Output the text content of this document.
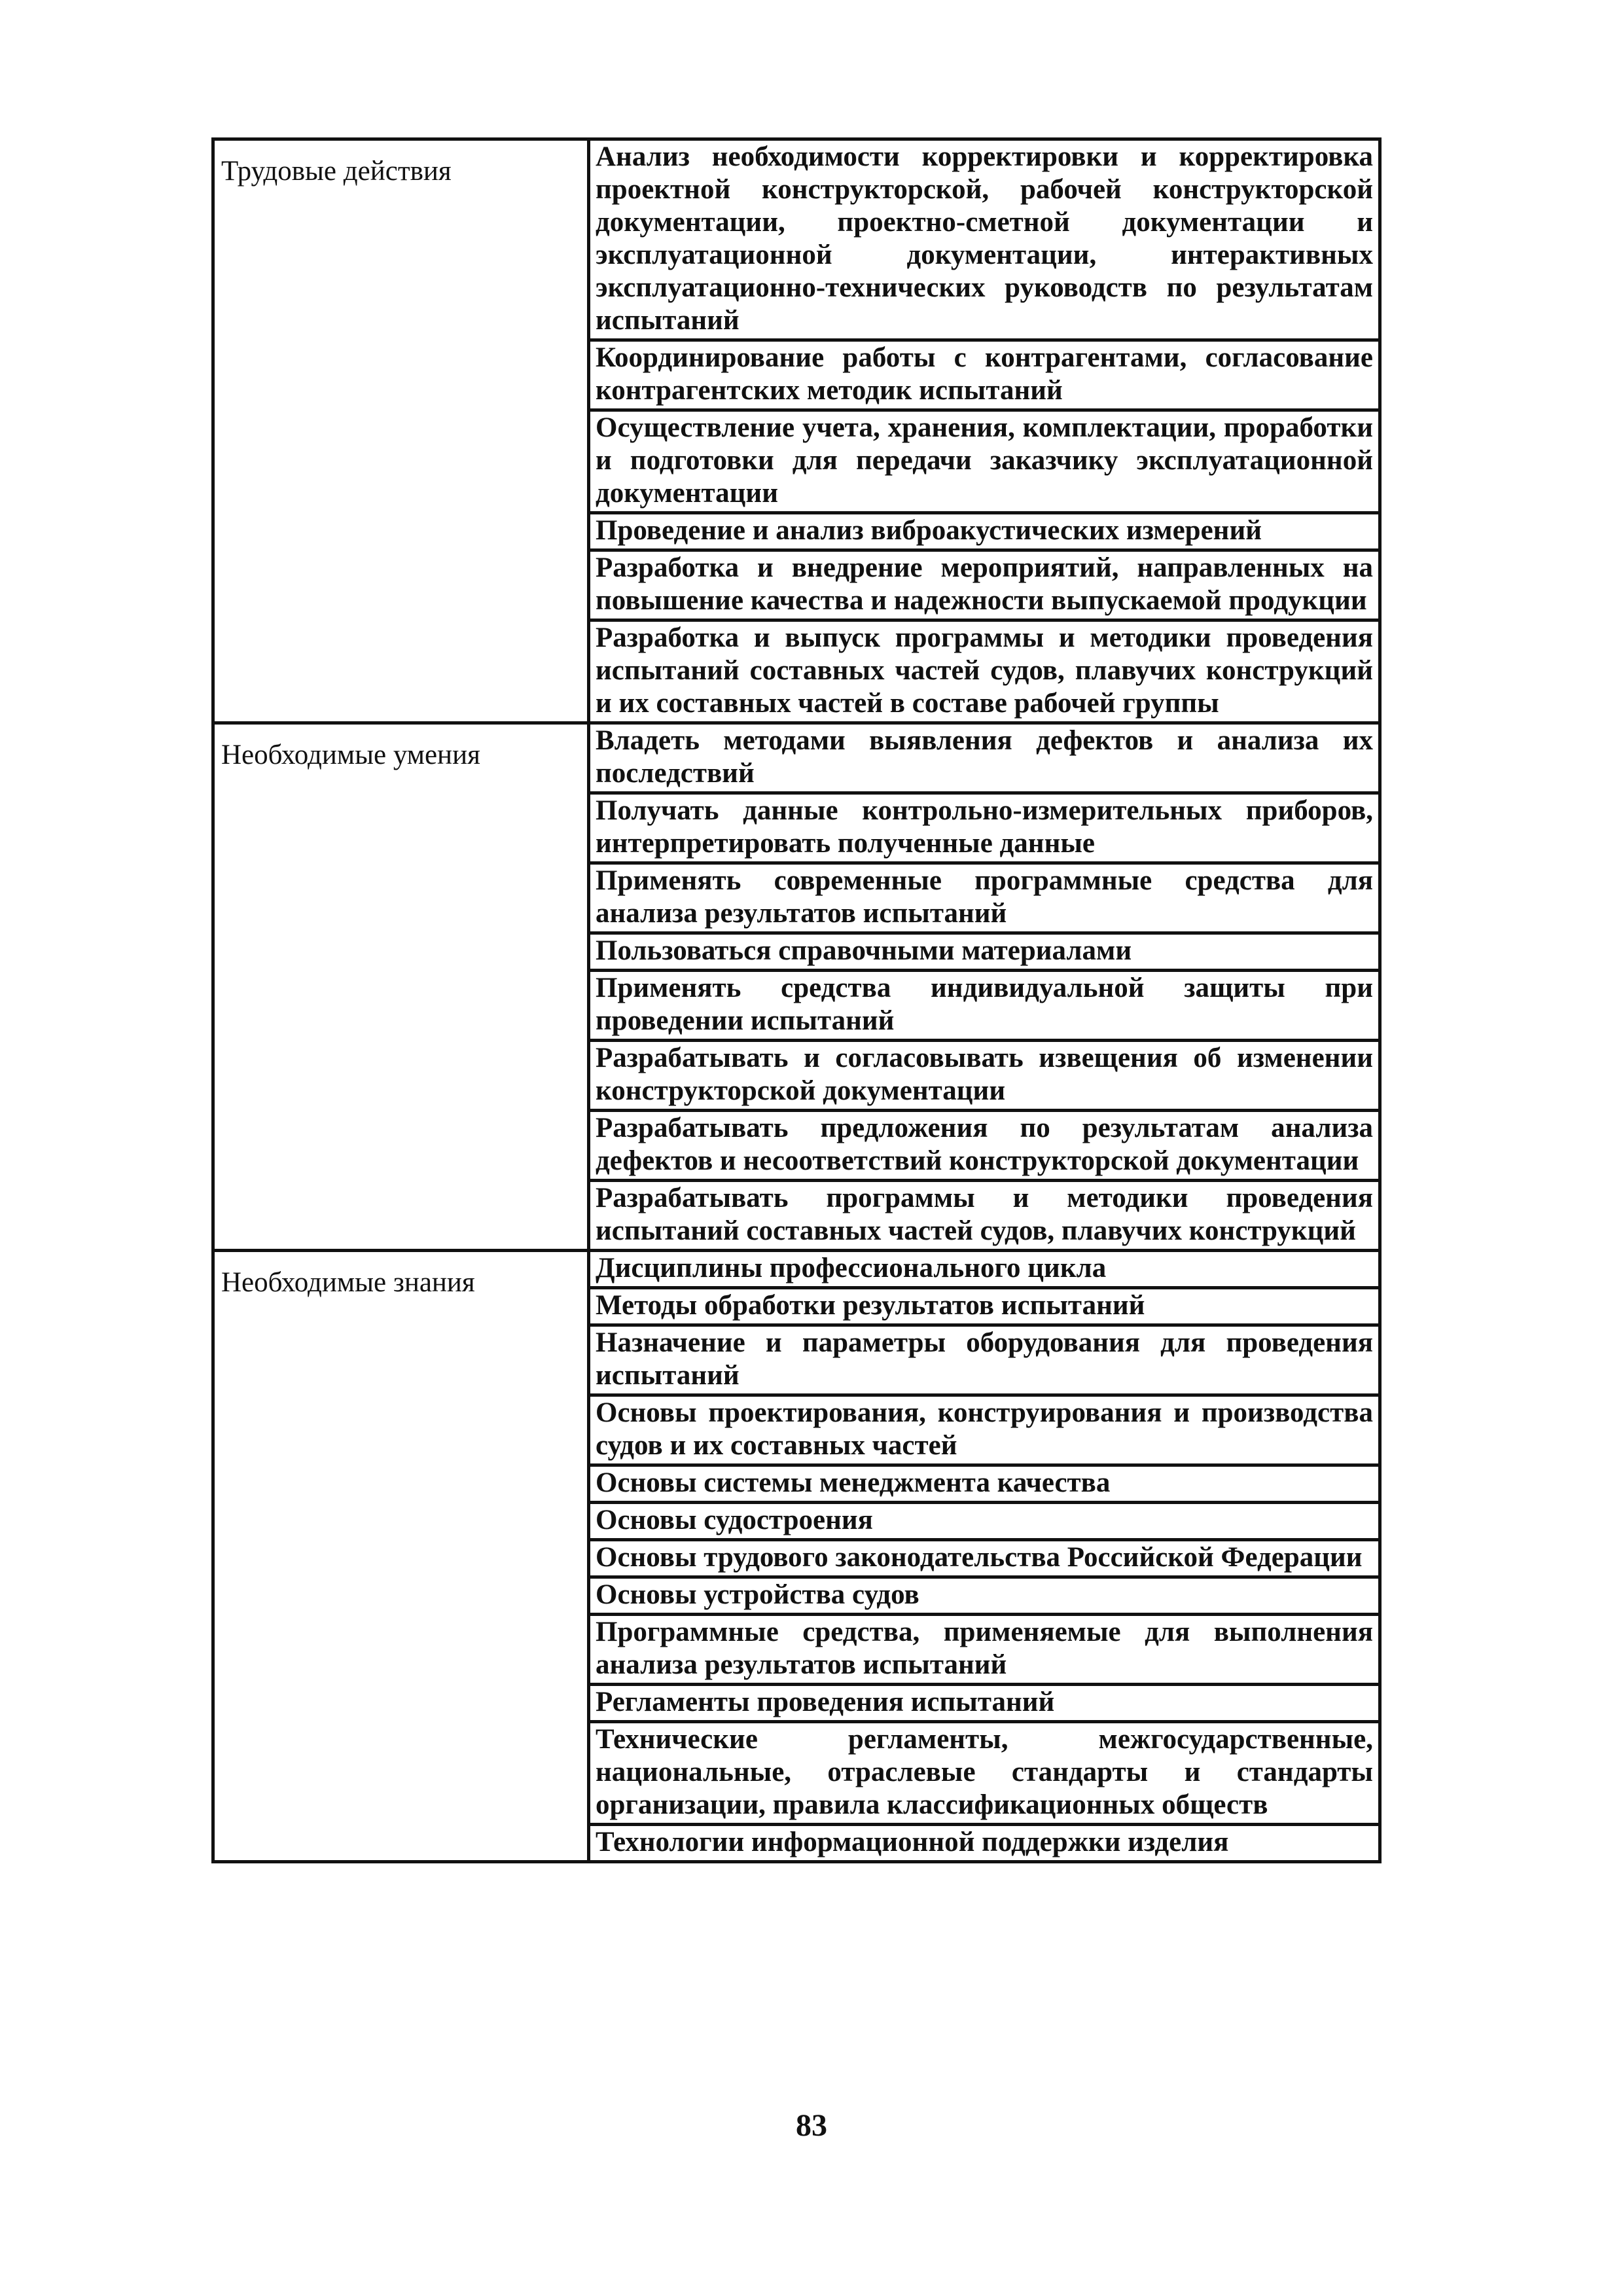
Трудовые действия	Анализ необходимости корректировки и корректировка проектной конструкторской, рабочей конструкторской документации, проектно-сметной документации и эксплуатационной документации, интерактивных эксплуатационно-технических руководств по результатам испытаний
	Координирование работы с контрагентами, согласование контрагентских методик испытаний
	Осуществление учета, хранения, комплектации, проработки и подготовки для передачи заказчику эксплуатационной документации
	Проведение и анализ виброакустических измерений
	Разработка и внедрение мероприятий, направленных на повышение качества и надежности выпускаемой продукции
	Разработка и выпуск программы и методики проведения испытаний составных частей судов, плавучих конструкций и их составных частей в составе рабочей группы

Необходимые умения	Владеть методами выявления дефектов и анализа их последствий
	Получать данные контрольно-измерительных приборов, интерпретировать полученные данные
	Применять современные программные средства для анализа результатов испытаний
	Пользоваться справочными материалами
	Применять средства индивидуальной защиты при проведении испытаний
	Разрабатывать и согласовывать извещения об изменении конструкторской документации
	Разрабатывать предложения по результатам анализа дефектов и несоответствий конструкторской документации
	Разрабатывать программы и методики проведения испытаний составных частей судов, плавучих конструкций

Необходимые знания	Дисциплины профессионального цикла
	Методы обработки результатов испытаний
	Назначение и параметры оборудования для проведения испытаний
	Основы проектирования, конструирования и производства судов и их составных частей
	Основы системы менеджмента качества
	Основы судостроения
	Основы трудового законодательства Российской Федерации
	Основы устройства судов
	Программные средства, применяемые для выполнения анализа результатов испытаний
	Регламенты проведения испытаний
	Технические регламенты, межгосударственные, национальные, отраслевые стандарты и стандарты организации, правила классификационных обществ
	Технологии информационной поддержки изделия
83
